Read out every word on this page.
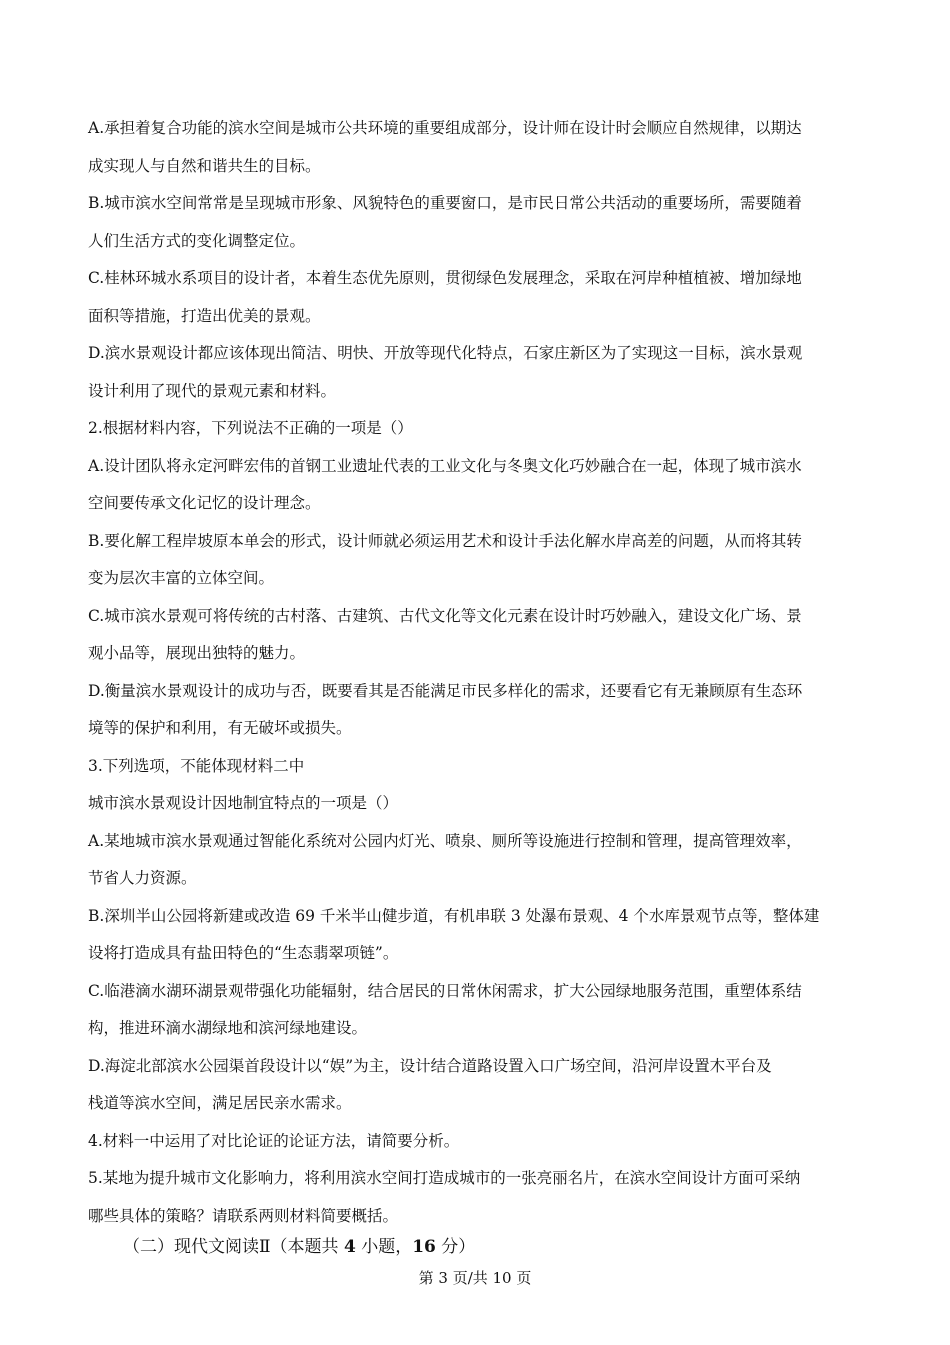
A.承担着复合功能的滨水空间是城市公共环境的重要组成部分，设计师在设计时会顺应自然规律，以期达
成实现人与自然和谐共生的目标。
B.城市滨水空间常常是呈现城市形象、风貌特色的重要窗口，是市民日常公共活动的重要场所，需要随着
人们生活方式的变化调整定位。
C.桂林环城水系项目的设计者，本着生态优先原则，贯彻绿色发展理念，采取在河岸种植植被、增加绿地
面积等措施，打造出优美的景观。
D.滨水景观设计都应该体现出简洁、明快、开放等现代化特点，石家庄新区为了实现这一目标，滨水景观
设计利用了现代的景观元素和材料。
2.根据材料内容，下列说法不正确的一项是（）
A.设计团队将永定河畔宏伟的首钢工业遗址代表的工业文化与冬奥文化巧妙融合在一起，体现了城市滨水
空间要传承文化记忆的设计理念。
B.要化解工程岸坡原本单会的形式，设计师就必须运用艺术和设计手法化解水岸高差的问题，从而将其转
变为层次丰富的立体空间。
C.城市滨水景观可将传统的古村落、古建筑、古代文化等文化元素在设计时巧妙融入，建设文化广场、景
观小品等，展现出独特的魅力。
D.衡量滨水景观设计的成功与否，既要看其是否能满足市民多样化的需求，还要看它有无兼顾原有生态环
境等的保护和利用，有无破坏或损失。
3.下列选项，不能体现材料二中
城市滨水景观设计因地制宜特点的一项是（）
A.某地城市滨水景观通过智能化系统对公园内灯光、喷泉、厕所等设施进行控制和管理，提高管理效率，
节省人力资源。
B.深圳半山公园将新建或改造 69 千米半山健步道，有机串联 3 处瀑布景观、4 个水库景观节点等，整体建
设将打造成具有盐田特色的“生态翡翠项链”。
C.临港滴水湖环湖景观带强化功能辐射，结合居民的日常休闲需求，扩大公园绿地服务范围，重塑体系结
构，推进环滴水湖绿地和滨河绿地建设。
D.海淀北部滨水公园渠首段设计以“娱”为主，设计结合道路设置入口广场空间，沿河岸设置木平台及
栈道等滨水空间，满足居民亲水需求。
4.材料一中运用了对比论证的论证方法，请简要分析。
5.某地为提升城市文化影响力，将利用滨水空间打造成城市的一张亮丽名片，在滨水空间设计方面可采纳
哪些具体的策略？请联系两则材料简要概括。
（二）现代文阅读Ⅱ（本题共 4 小题，16 分）
第 3 页/共 10 页
